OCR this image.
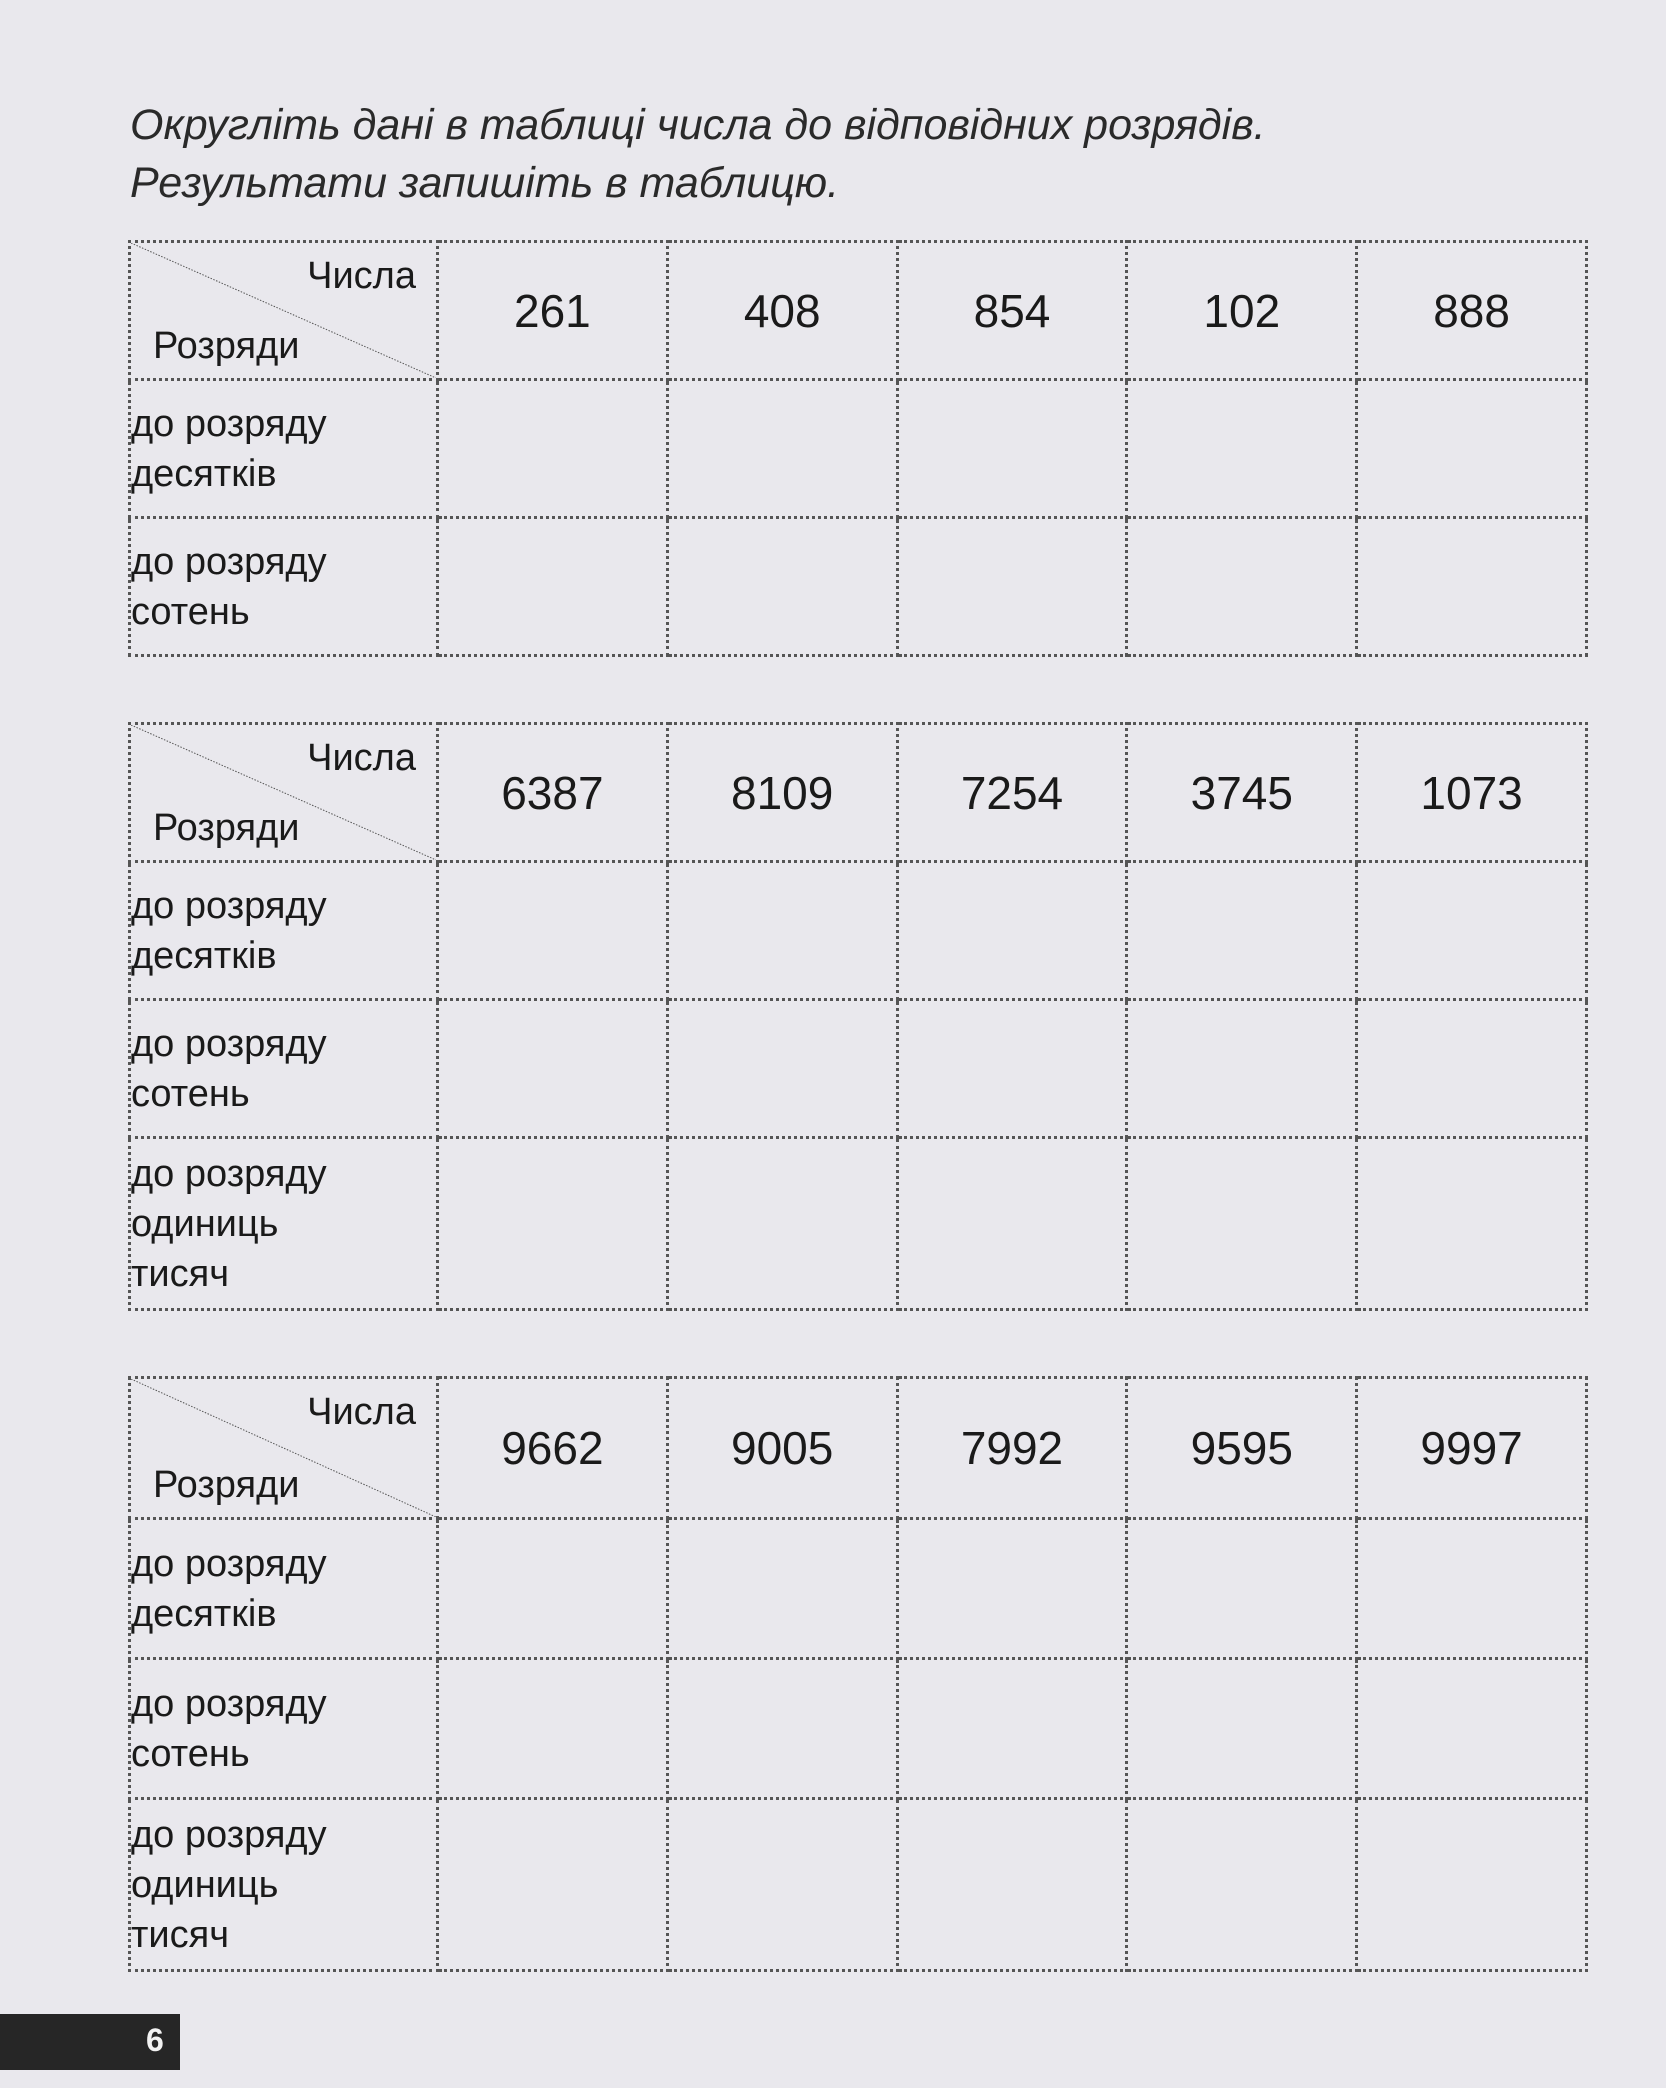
Округліть дані в таблиці числа до відповідних розрядів.
Результати запишіть в таблицю.
Числа
Розряди	261	408	854	102	888

до розряду
десятків					

до розряду
сотень					

Числа
Розряди	6387	8109	7254	3745	1073

до розряду
десятків					

до розряду
сотень					

до розряду
одиниць
тисяч					

Числа
Розряди	9662	9005	7992	9595	9997

до розряду
десятків					

до розряду
сотень					

до розряду
одиниць
тисяч					

6
